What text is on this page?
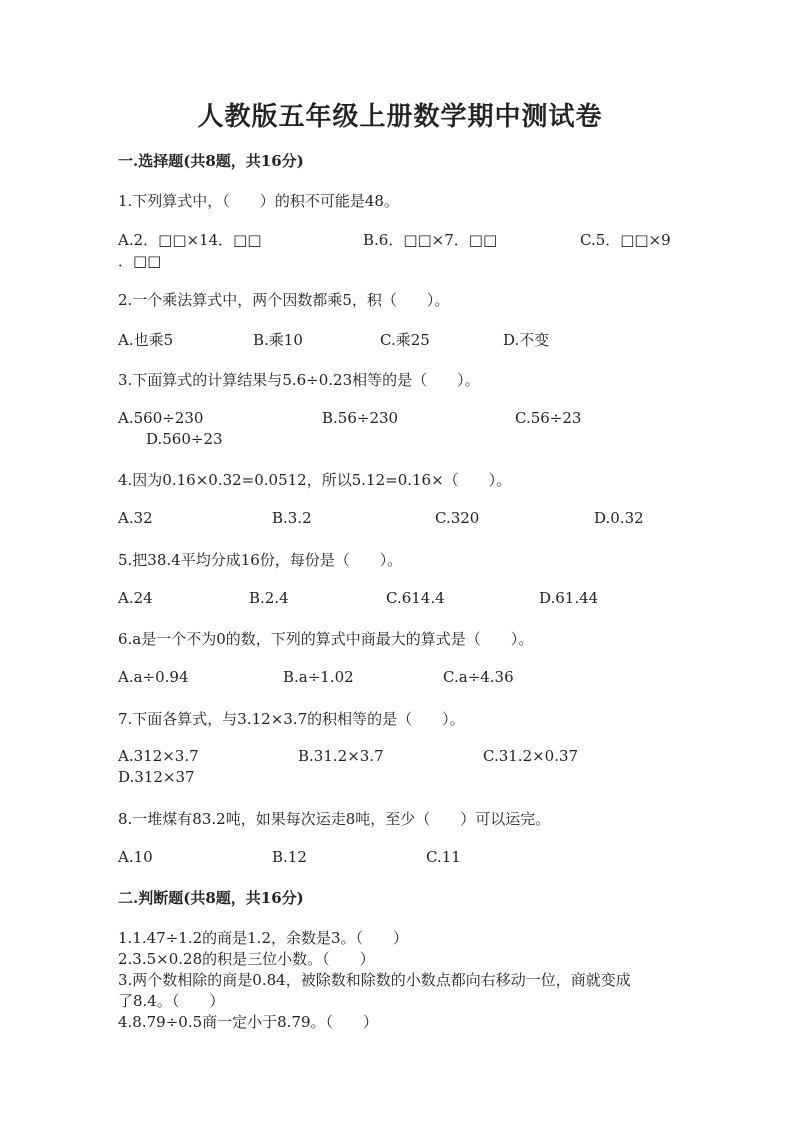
人教版五年级上册数学期中测试卷
一.选择题(共8题，共16分)
1.下列算式中，（　　）的积不可能是48。
A.2．□□×14．□□	B.6．□□×7．□□	C.5．□□×9
．□□
2.一个乘法算式中，两个因数都乘5，积（　　）。
A.也乘5	B.乘10	C.乘25	D.不变
3.下面算式的计算结果与5.6÷0.23相等的是（　　）。
A.560÷230	B.56÷230	C.56÷23
D.560÷23
4.因为0.16×0.32=0.0512，所以5.12=0.16×（　　）。
A.32	B.3.2	C.320	D.0.32
5.把38.4平均分成16份，每份是（　　）。
A.24	B.2.4	C.614.4	D.61.44
6.a是一个不为0的数，下列的算式中商最大的算式是（　　）。
A.a÷0.94	B.a÷1.02	C.a÷4.36
7.下面各算式，与3.12×3.7的积相等的是（　　）。
A.312×3.7	B.31.2×3.7	C.31.2×0.37
D.312×37
8.一堆煤有83.2吨，如果每次运走8吨，至少（　　）可以运完。
A.10	B.12	C.11
二.判断题(共8题，共16分)
1.1.47÷1.2的商是1.2，余数是3。（　　）
2.3.5×0.28的积是三位小数。（　　）
3.两个数相除的商是0.84，被除数和除数的小数点都向右移动一位，商就变成
了8.4。（　　）
4.8.79÷0.5商一定小于8.79。（　　）
